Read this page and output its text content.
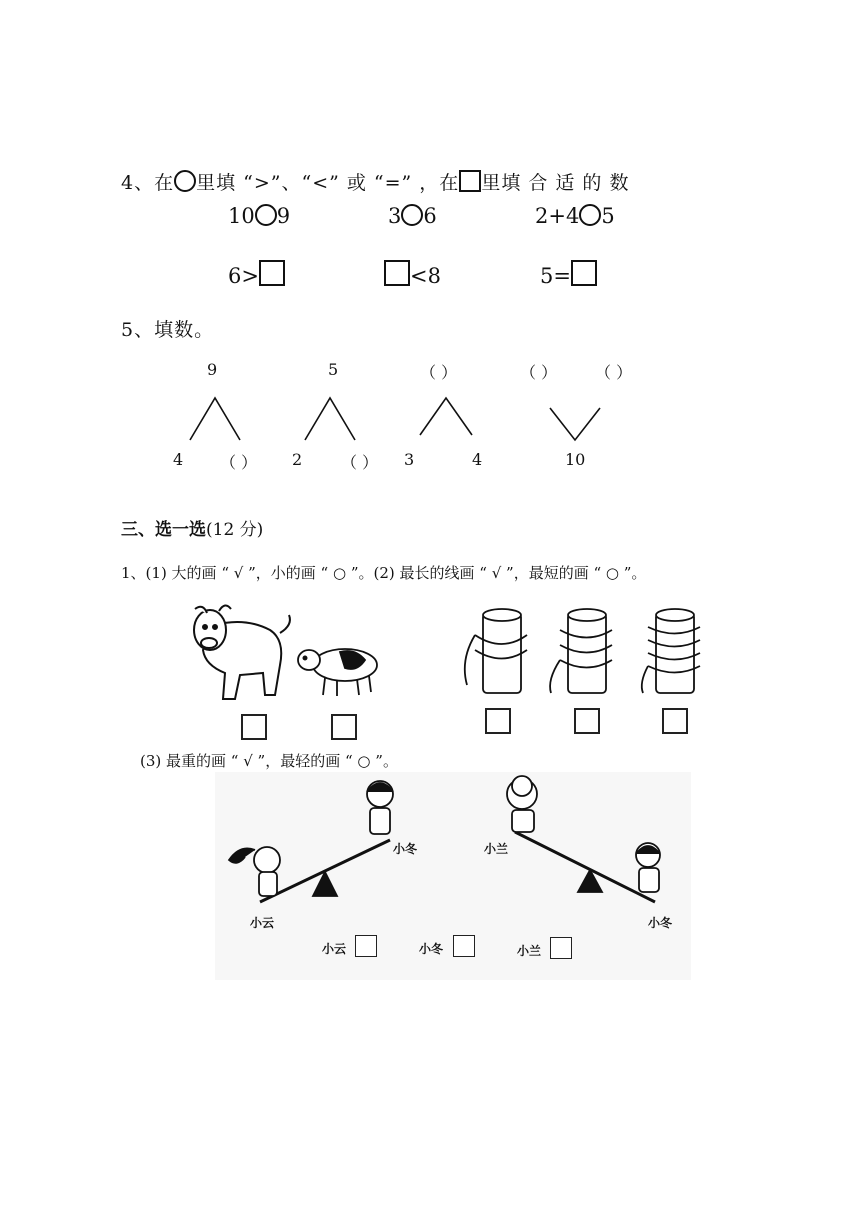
4、在 里填 “>”、“<” 或 “=” ，在 里填 合 适 的 数
10 9	3 6	2+4 5
6>	<8	5=
5、填数。
9	5	（ ）	（ ） （ ）
4 （ ） 2 （ ） 3	4	10
三、选一选(12 分)
1、(1) 大的画 “ √ ”，小的画 “ ○ ”。(2) 最长的线画 “ √ ”，最短的画 “ ○ ”。
(3) 最重的画 “ √ ”，最轻的画 “ ○ ”。
小云
小冬	小兰
小冬
小云	小冬	小兰
